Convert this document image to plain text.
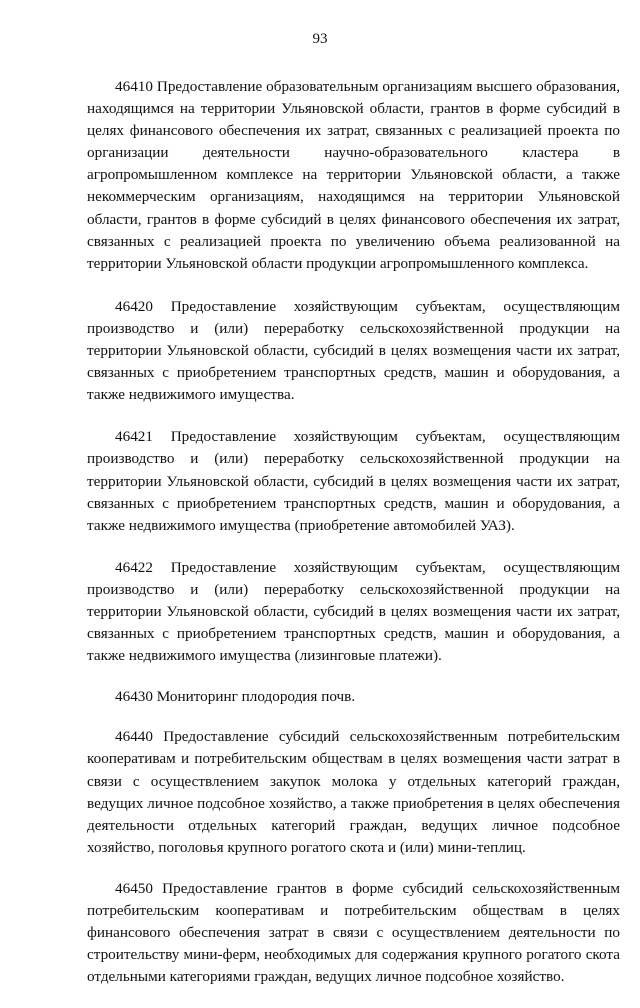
93

46410 Предоставление образовательным организациям высшего образования, находящимся на территории Ульяновской области, грантов в форме субсидий в целях финансового обеспечения их затрат, связанных с реализацией проекта по организации деятельности научно-образовательного кластера в агропромышленном комплексе на территории Ульяновской области, а также некоммерческим организациям, находящимся на территории Ульяновской области, грантов в форме субсидий в целях финансового обеспечения их затрат, связанных с реализацией проекта по увеличению объема реализованной на территории Ульяновской области продукции агропромышленного комплекса.

46420 Предоставление хозяйствующим субъектам, осуществляющим производство и (или) переработку сельскохозяйственной продукции на территории Ульяновской области, субсидий в целях возмещения части их затрат, связанных с приобретением транспортных средств, машин и оборудования, а также недвижимого имущества.

46421 Предоставление хозяйствующим субъектам, осуществляющим производство и (или) переработку сельскохозяйственной продукции на территории Ульяновской области, субсидий в целях возмещения части их затрат, связанных с приобретением транспортных средств, машин и оборудования, а также недвижимого имущества (приобретение автомобилей УАЗ).

46422 Предоставление хозяйствующим субъектам, осуществляющим производство и (или) переработку сельскохозяйственной продукции на территории Ульяновской области, субсидий в целях возмещения части их затрат, связанных с приобретением транспортных средств, машин и оборудования, а также недвижимого имущества (лизинговые платежи).

46430 Мониторинг плодородия почв.

46440 Предоставление субсидий сельскохозяйственным потребительским кооперативам и потребительским обществам в целях возмещения части затрат в связи с осуществлением закупок молока у отдельных категорий граждан, ведущих личное подсобное хозяйство, а также приобретения в целях обеспечения деятельности отдельных категорий граждан, ведущих личное подсобное хозяйство, поголовья крупного рогатого скота и (или) мини-теплиц.

46450 Предоставление грантов в форме субсидий сельскохозяйственным потребительским кооперативам и потребительским обществам в целях финансового обеспечения затрат в связи с осуществлением деятельности по строительству мини-ферм, необходимых для содержания крупного рогатого скота отдельными категориями граждан, ведущих личное подсобное хозяйство.
